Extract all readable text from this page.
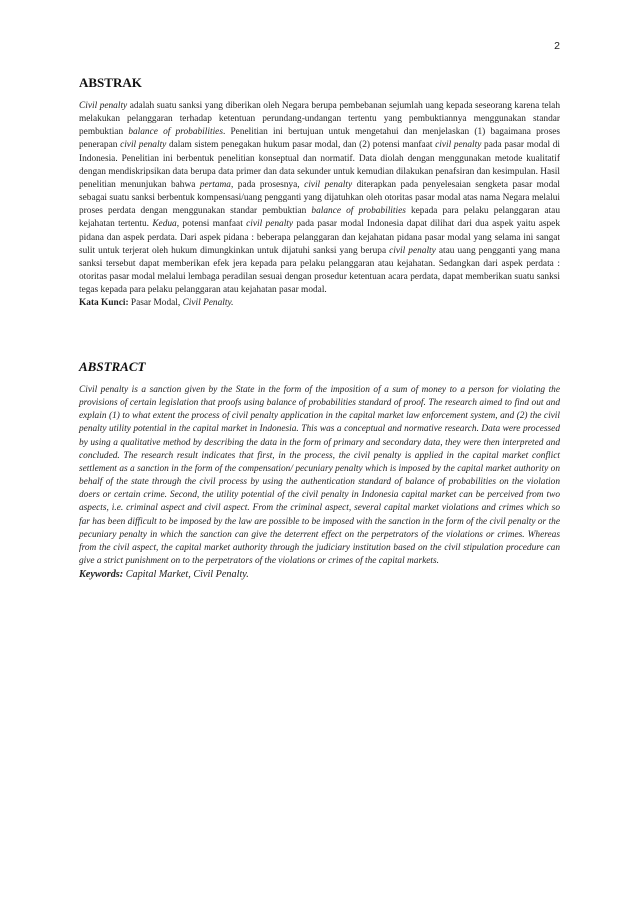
2
ABSTRAK

Civil penalty adalah suatu sanksi yang diberikan oleh Negara berupa pembebanan sejumlah uang kepada seseorang karena telah melakukan pelanggaran terhadap ketentuan perundang-undangan tertentu yang pembuktiannya menggunakan standar pembuktian balance of probabilities. Penelitian ini bertujuan untuk mengetahui dan menjelaskan (1) bagaimana proses penerapan civil penalty dalam sistem penegakan hukum pasar modal, dan (2) potensi manfaat civil penalty pada pasar modal di Indonesia. Penelitian ini berbentuk penelitian konseptual dan normatif. Data diolah dengan menggunakan metode kualitatif dengan mendiskripsikan data berupa data primer dan data sekunder untuk kemudian dilakukan penafsiran dan kesimpulan. Hasil penelitian menunjukan bahwa pertama, pada prosesnya, civil penalty diterapkan pada penyelesaian sengketa pasar modal sebagai suatu sanksi berbentuk kompensasi/uang pengganti yang dijatuhkan oleh otoritas pasar modal atas nama Negara melalui proses perdata dengan menggunakan standar pembuktian balance of probabilities kepada para pelaku pelanggaran atau kejahatan tertentu. Kedua, potensi manfaat civil penalty pada pasar modal Indonesia dapat dilihat dari dua aspek yaitu aspek pidana dan aspek perdata. Dari aspek pidana : beberapa pelanggaran dan kejahatan pidana pasar modal yang selama ini sangat sulit untuk terjerat oleh hukum dimungkinkan untuk dijatuhi sanksi yang berupa civil penalty atau uang pengganti yang mana sanksi tersebut dapat memberikan efek jera kepada para pelaku pelanggaran atau kejahatan. Sedangkan dari aspek perdata : otoritas pasar modal melalui lembaga peradilan sesuai dengan prosedur ketentuan acara perdata, dapat memberikan suatu sanksi tegas kepada para pelaku pelanggaran atau kejahatan pasar modal.

Kata Kunci: Pasar Modal, Civil Penalty.

ABSTRACT

Civil penalty is a sanction given by the State in the form of the imposition of a sum of money to a person for violating the provisions of certain legislation that proofs using balance of probabilities standard of proof. The research aimed to find out and explain (1) to what extent the process of civil penalty application in the capital market law enforcement system, and (2) the civil penalty utility potential in the capital market in Indonesia. This was a conceptual and normative research. Data were processed by using a qualitative method by describing the data in the form of primary and secondary data, they were then interpreted and concluded. The research result indicates that first, in the process, the civil penalty is applied in the capital market conflict settlement as a sanction in the form of the compensation/ pecuniary penalty which is imposed by the capital market authority on behalf of the state through the civil process by using the authentication standard of balance of probabilities on the violation doers or certain crime. Second, the utility potential of the civil penalty in Indonesia capital market can be perceived from two aspects, i.e. criminal aspect and civil aspect. From the criminal aspect, several capital market violations and crimes which so far has been difficult to be imposed by the law are possible to be imposed with the sanction in the form of the civil penalty or the pecuniary penalty in which the sanction can give the deterrent effect on the perpetrators of the violations or crimes. Whereas from the civil aspect, the capital market authority through the judiciary institution based on the civil stipulation procedure can give a strict punishment on to the perpetrators of the violations or crimes of the capital markets.

Keywords: Capital Market, Civil Penalty.
